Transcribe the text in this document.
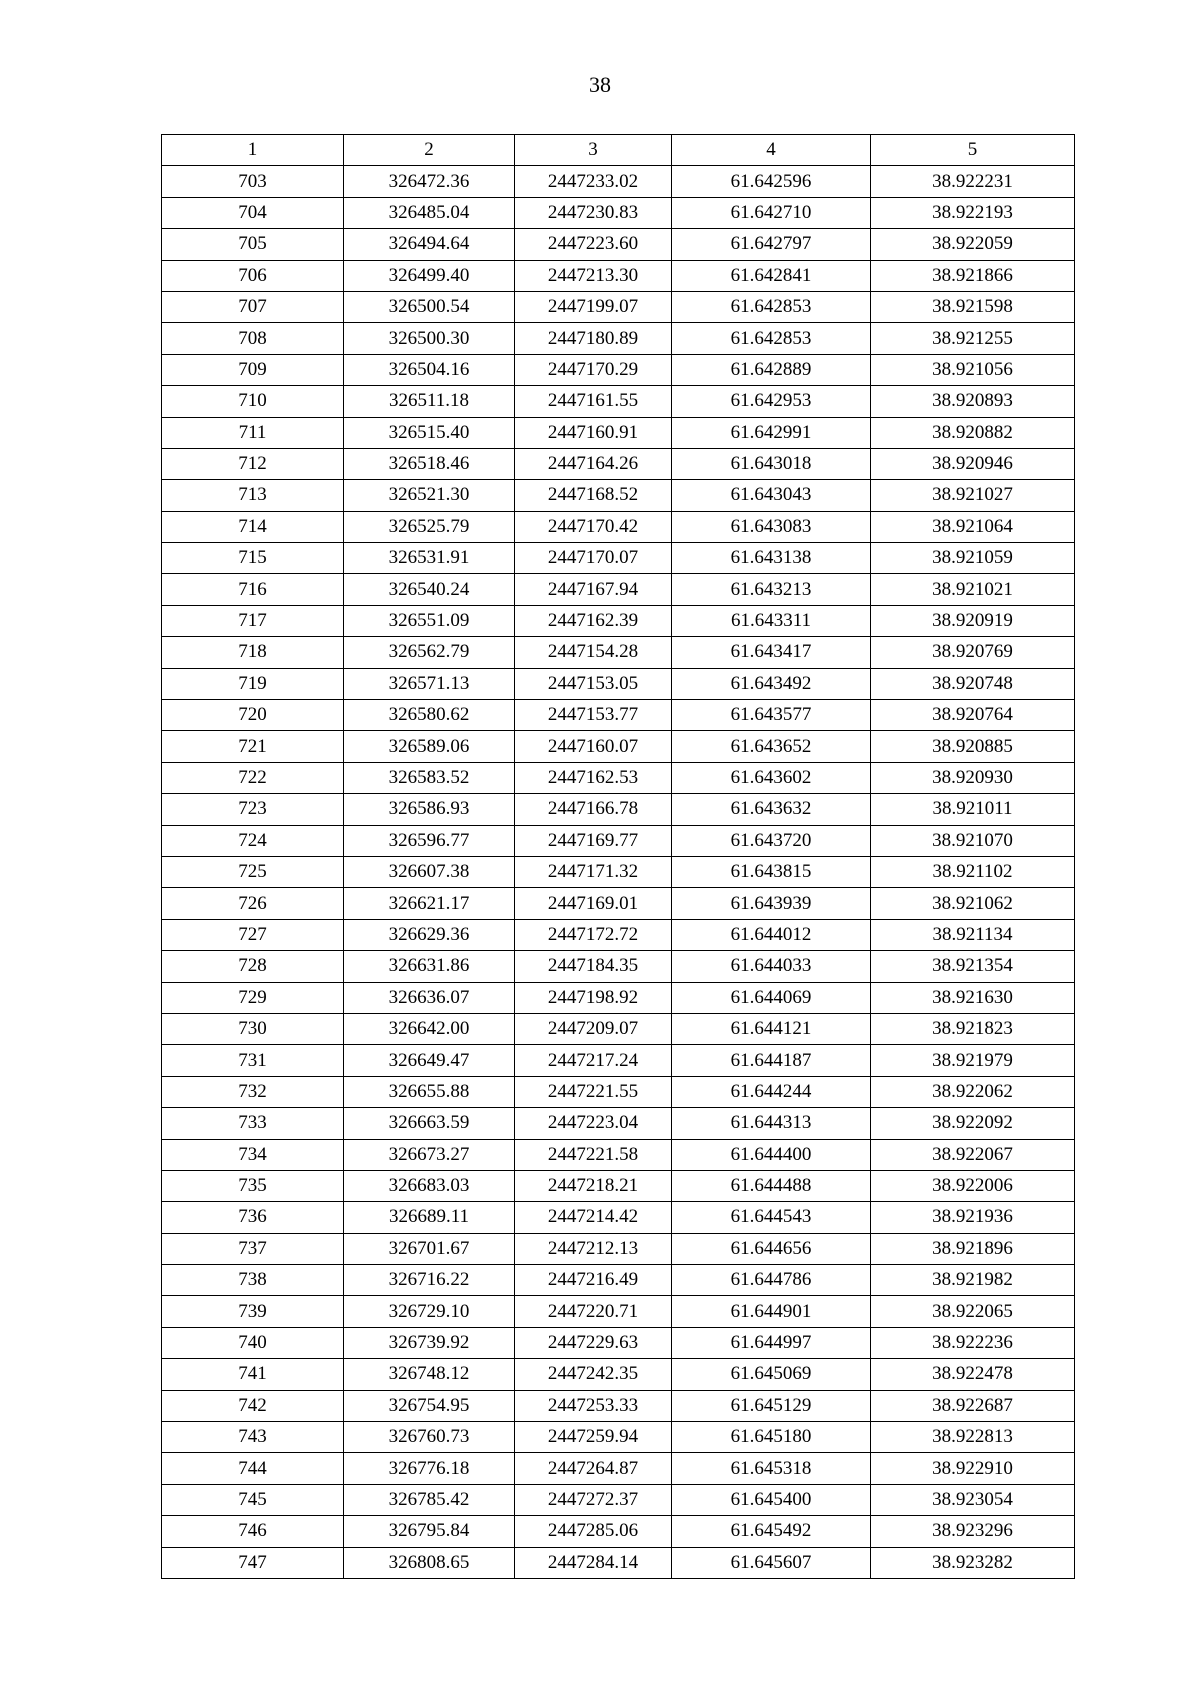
38
1	2	3	4	5
703	326472.36	2447233.02	61.642596	38.922231
704	326485.04	2447230.83	61.642710	38.922193
705	326494.64	2447223.60	61.642797	38.922059
706	326499.40	2447213.30	61.642841	38.921866
707	326500.54	2447199.07	61.642853	38.921598
708	326500.30	2447180.89	61.642853	38.921255
709	326504.16	2447170.29	61.642889	38.921056
710	326511.18	2447161.55	61.642953	38.920893
711	326515.40	2447160.91	61.642991	38.920882
712	326518.46	2447164.26	61.643018	38.920946
713	326521.30	2447168.52	61.643043	38.921027
714	326525.79	2447170.42	61.643083	38.921064
715	326531.91	2447170.07	61.643138	38.921059
716	326540.24	2447167.94	61.643213	38.921021
717	326551.09	2447162.39	61.643311	38.920919
718	326562.79	2447154.28	61.643417	38.920769
719	326571.13	2447153.05	61.643492	38.920748
720	326580.62	2447153.77	61.643577	38.920764
721	326589.06	2447160.07	61.643652	38.920885
722	326583.52	2447162.53	61.643602	38.920930
723	326586.93	2447166.78	61.643632	38.921011
724	326596.77	2447169.77	61.643720	38.921070
725	326607.38	2447171.32	61.643815	38.921102
726	326621.17	2447169.01	61.643939	38.921062
727	326629.36	2447172.72	61.644012	38.921134
728	326631.86	2447184.35	61.644033	38.921354
729	326636.07	2447198.92	61.644069	38.921630
730	326642.00	2447209.07	61.644121	38.921823
731	326649.47	2447217.24	61.644187	38.921979
732	326655.88	2447221.55	61.644244	38.922062
733	326663.59	2447223.04	61.644313	38.922092
734	326673.27	2447221.58	61.644400	38.922067
735	326683.03	2447218.21	61.644488	38.922006
736	326689.11	2447214.42	61.644543	38.921936
737	326701.67	2447212.13	61.644656	38.921896
738	326716.22	2447216.49	61.644786	38.921982
739	326729.10	2447220.71	61.644901	38.922065
740	326739.92	2447229.63	61.644997	38.922236
741	326748.12	2447242.35	61.645069	38.922478
742	326754.95	2447253.33	61.645129	38.922687
743	326760.73	2447259.94	61.645180	38.922813
744	326776.18	2447264.87	61.645318	38.922910
745	326785.42	2447272.37	61.645400	38.923054
746	326795.84	2447285.06	61.645492	38.923296
747	326808.65	2447284.14	61.645607	38.923282
